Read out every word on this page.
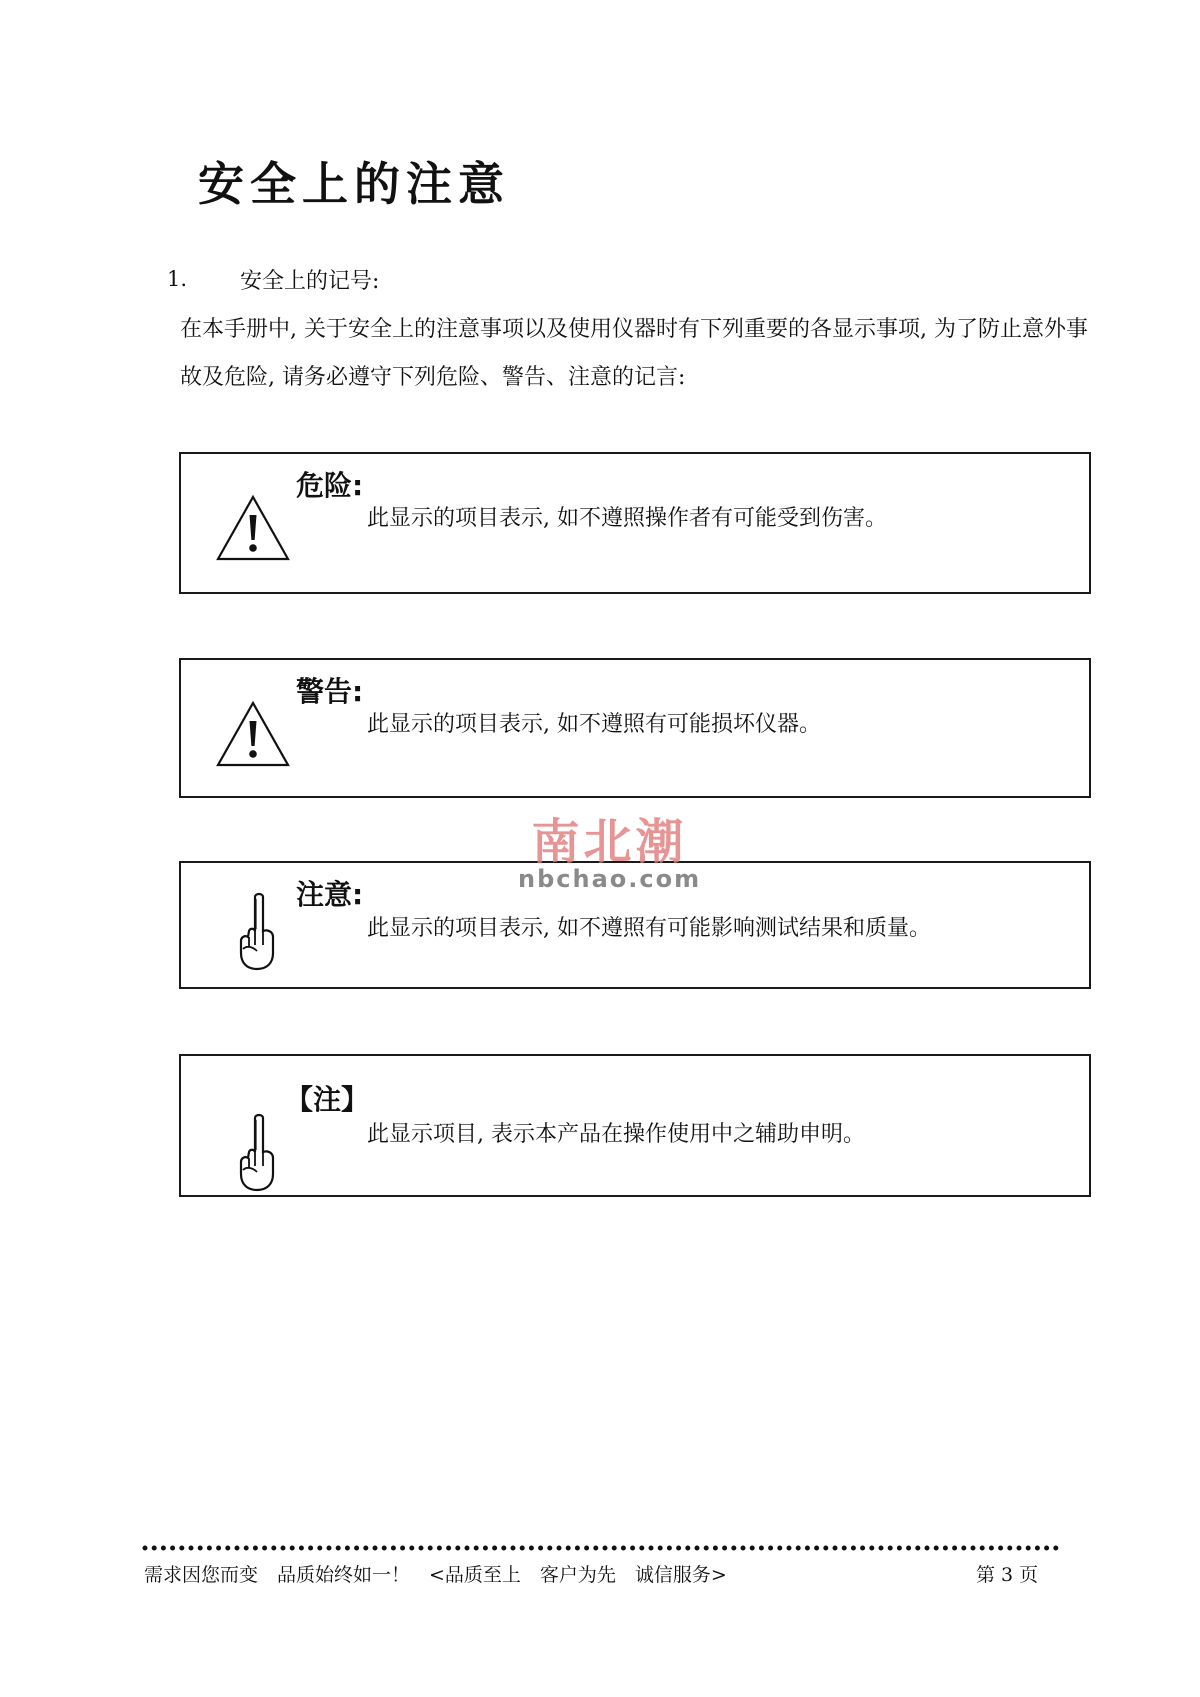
安全上的注意
1. 安全上的记号:
在本手册中, 关于安全上的注意事项以及使用仪器时有下列重要的各显示事项, 为了防止意外事故及危险, 请务必遵守下列危险、警告、注意的记言:
危险:
此显示的项目表示, 如不遵照操作者有可能受到伤害。
警告:
此显示的项目表示, 如不遵照有可能损坏仪器。
注意:
此显示的项目表示, 如不遵照有可能影响测试结果和质量。
【注】
此显示项目, 表示本产品在操作使用中之辅助申明。
南北潮
nbchao.com
需求因您而变　品质始终如一！　<品质至上　客户为先　诚信服务>	第 3 页
